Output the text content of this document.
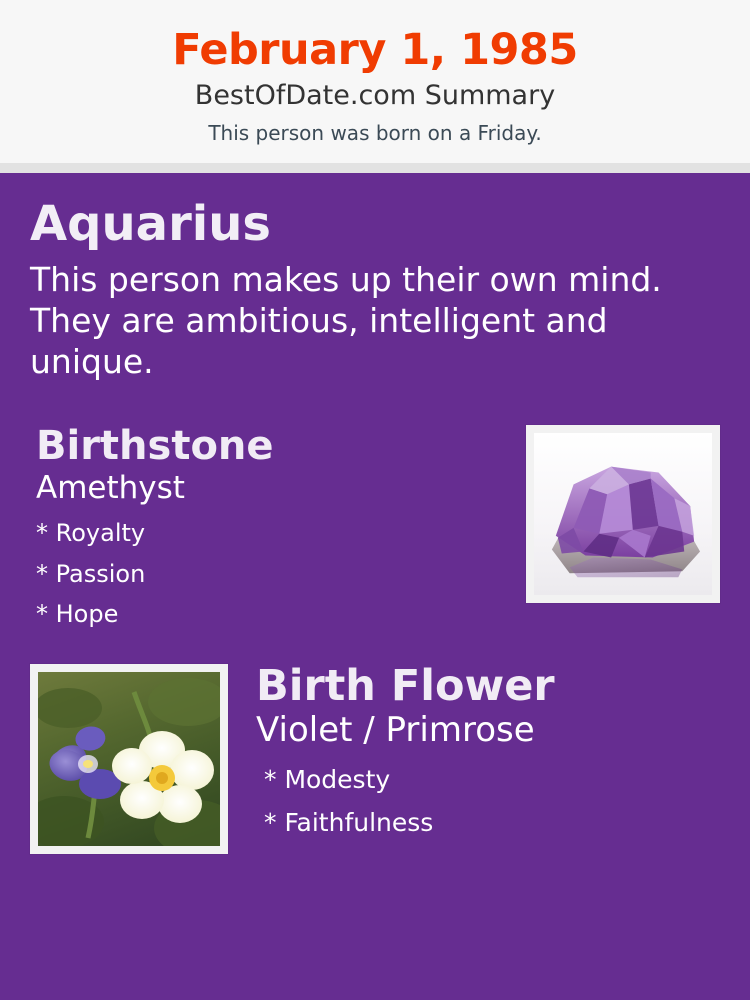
February 1, 1985
BestOfDate.com Summary
This person was born on a Friday.
Aquarius
This person makes up their own mind. They are ambitious, intelligent and unique.
Birthstone
Amethyst
* Royalty
* Passion
* Hope
Birth Flower
Violet / Primrose
* Modesty
* Faithfulness
